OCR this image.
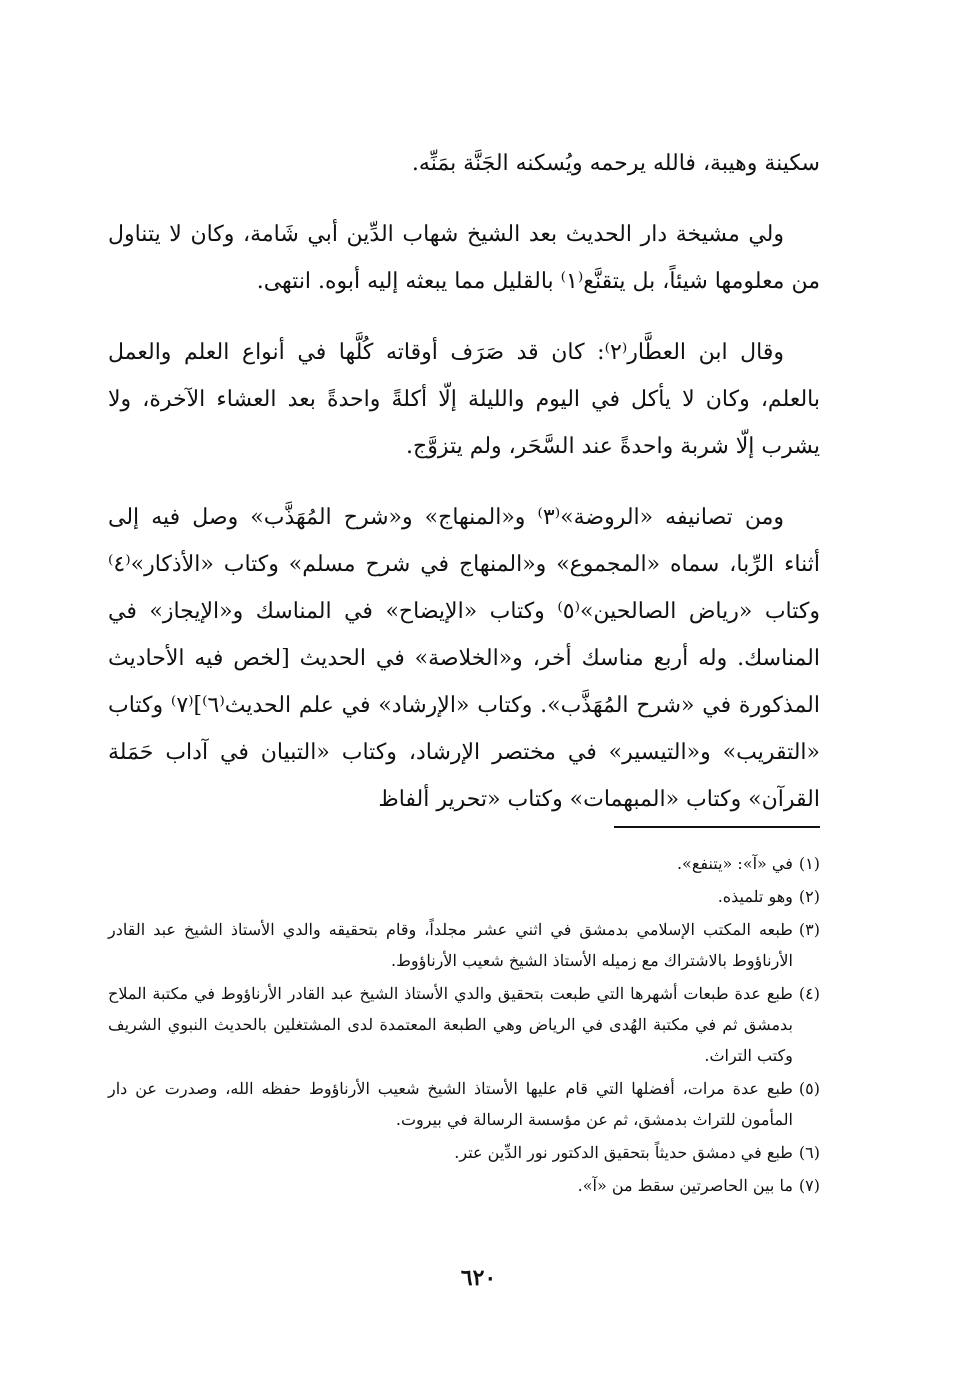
سكينة وهيبة، فالله يرحمه ويُسكنه الجَنَّة بمَنِّه.

ولي مشيخة دار الحديث بعد الشيخ شهاب الدِّين أبي شَامة، وكان لا يتناول من معلومها شيئاً، بل يتقنَّع⁽١⁾ بالقليل مما يبعثه إليه أبوه. انتهى.

وقال ابن العطَّار⁽٢⁾: كان قد صَرَف أوقاته كُلَّها في أنواع العلم والعمل بالعلم، وكان لا يأكل في اليوم والليلة إلّا أكلةً واحدةً بعد العشاء الآخرة، ولا يشرب إلّا شربة واحدةً عند السَّحَر، ولم يتزوَّج.

ومن تصانيفه «الروضة»⁽٣⁾ و«المنهاج» و«شرح المُهَذَّب» وصل فيه إلى أثناء الرِّبا، سماه «المجموع» و«المنهاج في شرح مسلم» وكتاب «الأذكار»⁽٤⁾ وكتاب «رياض الصالحين»⁽٥⁾ وكتاب «الإيضاح» في المناسك و«الإيجاز» في المناسك. وله أربع مناسك أخر، و«الخلاصة» في الحديث [لخص فيه الأحاديث المذكورة في «شرح المُهَذَّب». وكتاب «الإرشاد» في علم الحديث⁽٦⁾]⁽٧⁾ وكتاب «التقريب» و«التيسير» في مختصر الإرشاد، وكتاب «التبيان في آداب حَمَلة القرآن» وكتاب «المبهمات» وكتاب «تحرير ألفاظ

(١)
في «آ»: «يتنفع».
(٢)
وهو تلميذه.
(٣)
طبعه المكتب الإسلامي بدمشق في اثني عشر مجلداً، وقام بتحقيقه والدي الأستاذ الشيخ عبد القادر الأرناؤوط بالاشتراك مع زميله الأستاذ الشيخ شعيب الأرناؤوط.
(٤)
طبع عدة طبعات أشهرها التي طبعت بتحقيق والدي الأستاذ الشيخ عبد القادر الأرناؤوط في مكتبة الملاح بدمشق ثم في مكتبة الهُدى في الرياض وهي الطبعة المعتمدة لدى المشتغلين بالحديث النبوي الشريف وكتب التراث.
(٥)
طبع عدة مرات، أفضلها التي قام عليها الأستاذ الشيخ شعيب الأرناؤوط حفظه الله، وصدرت عن دار المأمون للتراث بدمشق، ثم عن مؤسسة الرسالة في بيروت.
(٦)
طبع في دمشق حديثاً بتحقيق الدكتور نور الدِّين عتر.
(٧)
ما بين الحاصرتين سقط من «آ».
٦٢٠
